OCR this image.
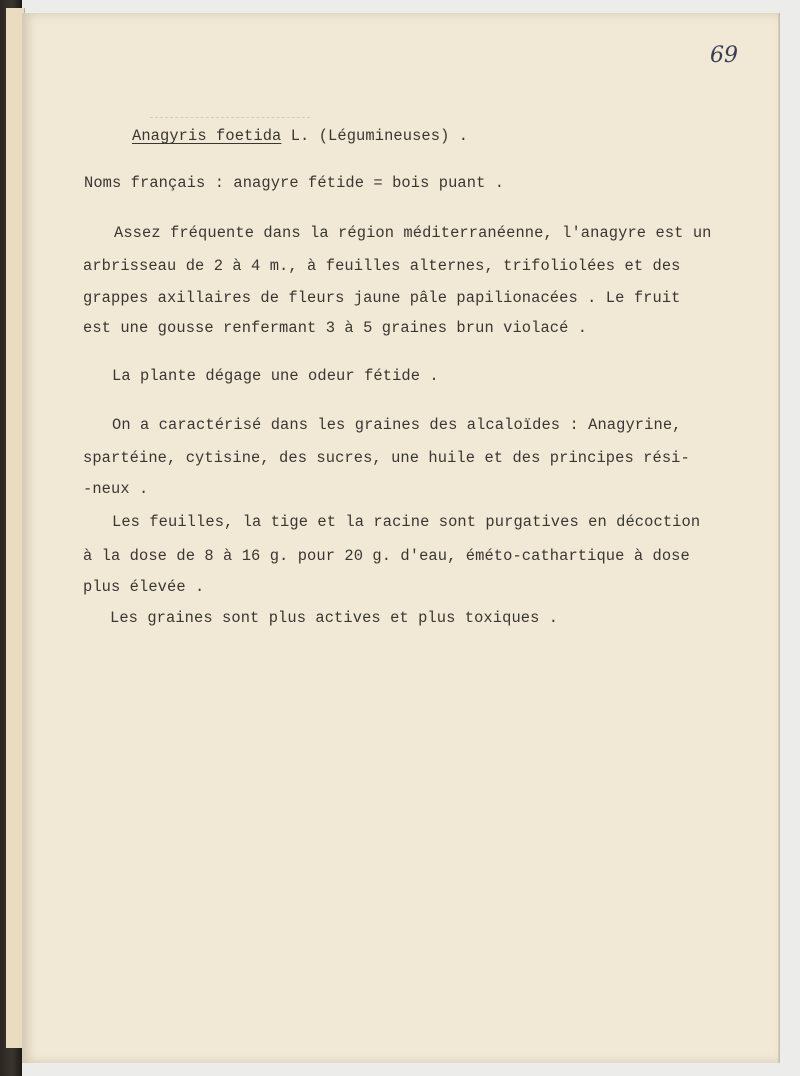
69

Anagyris foetida L. (Légumineuses) .

Noms français : anagyre fétide = bois puant .

Assez fréquente dans la région méditerranéenne, l'anagyre est un

arbrisseau de 2 à 4 m., à feuilles alternes, trifoliolées et des

grappes axillaires de fleurs jaune pâle papilionacées . Le fruit

est une gousse renfermant 3 à 5 graines brun violacé .

La plante dégage une odeur fétide .

On a caractérisé dans les graines des alcaloïdes : Anagyrine,

spartéine, cytisine, des sucres, une huile et des principes rési-

-neux .

Les feuilles, la tige et la racine sont purgatives en décoction

à la dose de 8 à 16 g. pour 20 g. d'eau, éméto-cathartique à dose

plus élevée .

Les graines sont plus actives et plus toxiques .
